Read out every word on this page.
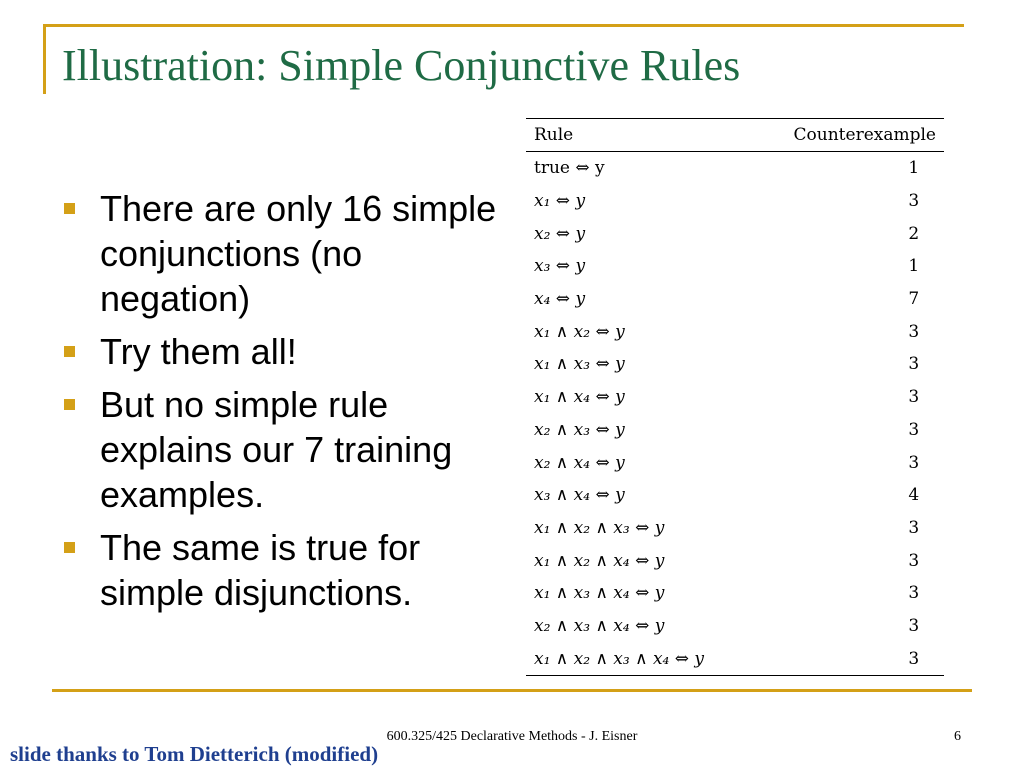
Illustration: Simple Conjunctive Rules
There are only 16 simple conjunctions (no negation)
Try them all!
But no simple rule explains our 7 training examples.
The same is true for simple disjunctions.
Rule	Counterexample
true ⇔ y	1
x₁ ⇔ y	3
x₂ ⇔ y	2
x₃ ⇔ y	1
x₄ ⇔ y	7
x₁ ∧ x₂ ⇔ y	3
x₁ ∧ x₃ ⇔ y	3
x₁ ∧ x₄ ⇔ y	3
x₂ ∧ x₃ ⇔ y	3
x₂ ∧ x₄ ⇔ y	3
x₃ ∧ x₄ ⇔ y	4
x₁ ∧ x₂ ∧ x₃ ⇔ y	3
x₁ ∧ x₂ ∧ x₄ ⇔ y	3
x₁ ∧ x₃ ∧ x₄ ⇔ y	3
x₂ ∧ x₃ ∧ x₄ ⇔ y	3
x₁ ∧ x₂ ∧ x₃ ∧ x₄ ⇔ y	3
600.325/425 Declarative Methods - J. Eisner	6
slide thanks to Tom Dietterich (modified)
